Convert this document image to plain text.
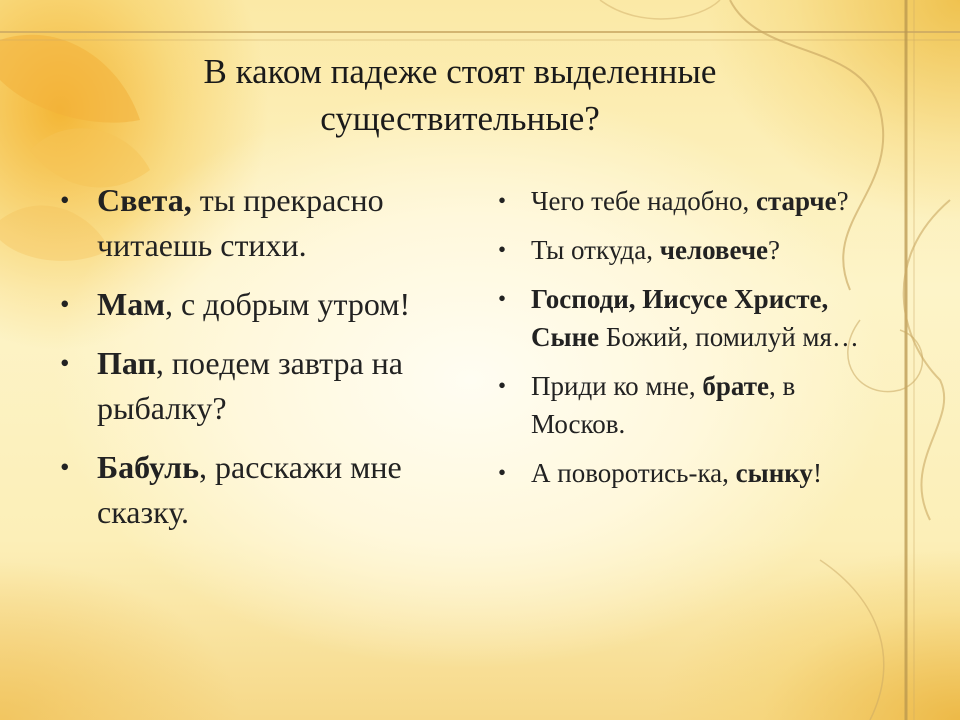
В каком падеже стоят выделенные
существительные?
• Света, ты прекрасно читаешь стихи.
• Мам, с добрым утром!
• Пап, поедем завтра на рыбалку?
• Бабуль, расскажи мне сказку.
• Чего тебе надобно, старче?
• Ты откуда, человече?
• Господи, Иисусе Христе, Сыне Божий, помилуй мя…
• Приди ко мне, брате, в Москов.
• А поворотись-ка, сынку!
